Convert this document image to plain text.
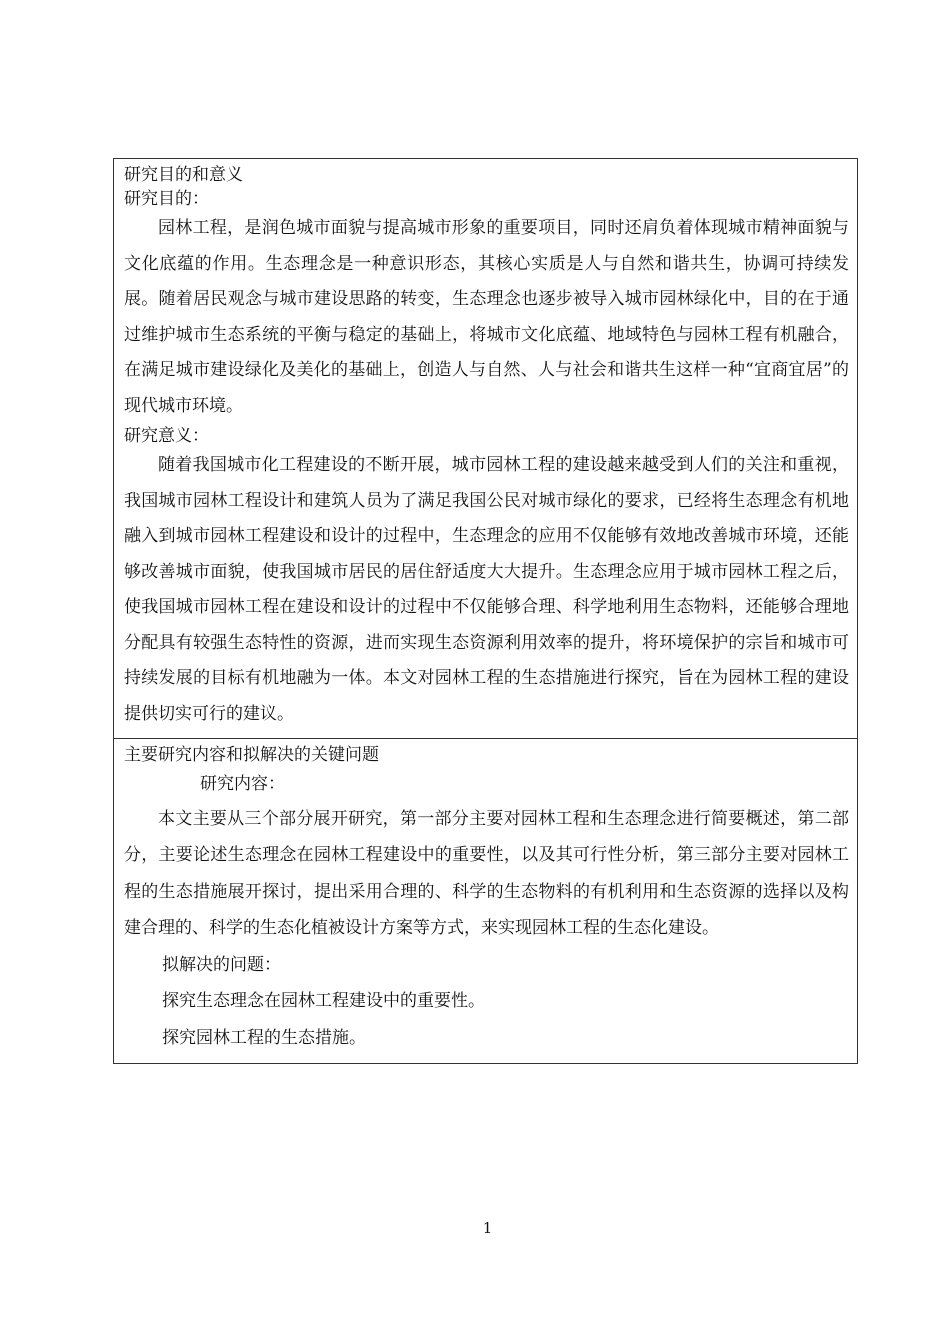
研究目的和意义
研究目的：

园林工程，是润色城市面貌与提高城市形象的重要项目，同时还肩负着体现城市精神面貌与文化底蕴的作用。生态理念是一种意识形态，其核心实质是人与自然和谐共生，协调可持续发展。随着居民观念与城市建设思路的转变，生态理念也逐步被导入城市园林绿化中，目的在于通过维护城市生态系统的平衡与稳定的基础上，将城市文化底蕴、地域特色与园林工程有机融合，在满足城市建设绿化及美化的基础上，创造人与自然、人与社会和谐共生这样一种“宜商宜居”的现代城市环境。

研究意义：

随着我国城市化工程建设的不断开展，城市园林工程的建设越来越受到人们的关注和重视，我国城市园林工程设计和建筑人员为了满足我国公民对城市绿化的要求，已经将生态理念有机地融入到城市园林工程建设和设计的过程中，生态理念的应用不仅能够有效地改善城市环境，还能够改善城市面貌，使我国城市居民的居住舒适度大大提升。生态理念应用于城市园林工程之后，使我国城市园林工程在建设和设计的过程中不仅能够合理、科学地利用生态物料，还能够合理地分配具有较强生态特性的资源，进而实现生态资源利用效率的提升，将环境保护的宗旨和城市可持续发展的目标有机地融为一体。本文对园林工程的生态措施进行探究，旨在为园林工程的建设提供切实可行的建议。

主要研究内容和拟解决的关键问题
研究内容：

本文主要从三个部分展开研究，第一部分主要对园林工程和生态理念进行简要概述，第二部分，主要论述生态理念在园林工程建设中的重要性，以及其可行性分析，第三部分主要对园林工程的生态措施展开探讨，提出采用合理的、科学的生态物料的有机利用和生态资源的选择以及构建合理的、科学的生态化植被设计方案等方式，来实现园林工程的生态化建设。

拟解决的问题：

探究生态理念在园林工程建设中的重要性。

探究园林工程的生态措施。

1
